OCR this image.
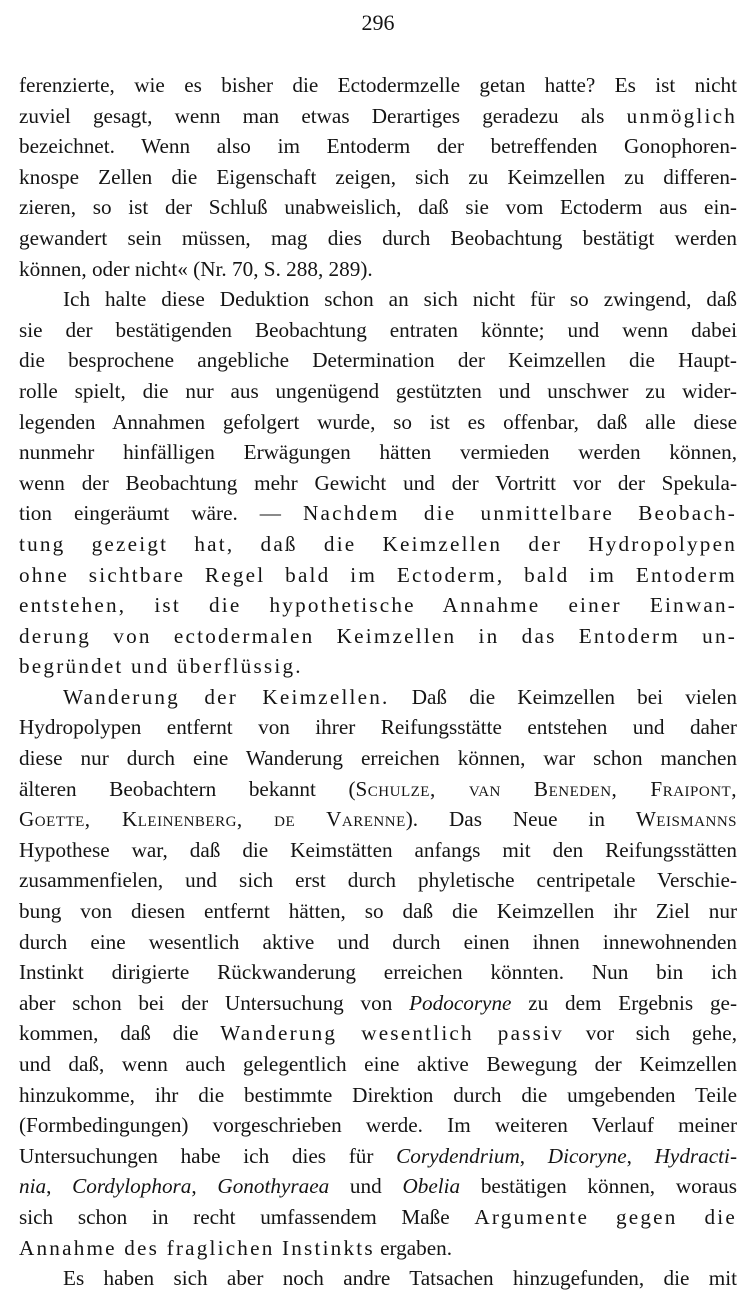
296

ferenzierte, wie es bisher die Ectodermzelle getan hatte? Es ist nicht
zuviel gesagt, wenn man etwas Derartiges geradezu als unmöglich
bezeichnet. Wenn also im Entoderm der betreffenden Gonophoren-
knospe Zellen die Eigenschaft zeigen, sich zu Keimzellen zu differen-
zieren, so ist der Schluß unabweislich, daß sie vom Ectoderm aus ein-
gewandert sein müssen, mag dies durch Beobachtung bestätigt werden
können, oder nicht« (Nr. 70, S. 288, 289).

Ich halte diese Deduktion schon an sich nicht für so zwingend, daß
sie der bestätigenden Beobachtung entraten könnte; und wenn dabei
die besprochene angebliche Determination der Keimzellen die Haupt-
rolle spielt, die nur aus ungenügend gestützten und unschwer zu wider-
legenden Annahmen gefolgert wurde, so ist es offenbar, daß alle diese
nunmehr hinfälligen Erwägungen hätten vermieden werden können,
wenn der Beobachtung mehr Gewicht und der Vortritt vor der Spekula-
tion eingeräumt wäre. — Nachdem die unmittelbare Beobach-
tung gezeigt hat, daß die Keimzellen der Hydropolypen
ohne sichtbare Regel bald im Ectoderm, bald im Entoderm
entstehen, ist die hypothetische Annahme einer Einwan-
derung von ectodermalen Keimzellen in das Entoderm un-
begründet und überflüssig.

Wanderung der Keimzellen. Daß die Keimzellen bei vielen
Hydropolypen entfernt von ihrer Reifungsstätte entstehen und daher
diese nur durch eine Wanderung erreichen können, war schon manchen
älteren Beobachtern bekannt (Schulze, van Beneden, Fraipont,
Goette, Kleinenberg, de Varenne). Das Neue in Weismanns
Hypothese war, daß die Keimstätten anfangs mit den Reifungsstätten
zusammenfielen, und sich erst durch phyletische centripetale Verschie-
bung von diesen entfernt hätten, so daß die Keimzellen ihr Ziel nur
durch eine wesentlich aktive und durch einen ihnen innewohnenden
Instinkt dirigierte Rückwanderung erreichen könnten. Nun bin ich
aber schon bei der Untersuchung von Podocoryne zu dem Ergebnis ge-
kommen, daß die Wanderung wesentlich passiv vor sich gehe,
und daß, wenn auch gelegentlich eine aktive Bewegung der Keimzellen
hinzukomme, ihr die bestimmte Direktion durch die umgebenden Teile
(Formbedingungen) vorgeschrieben werde. Im weiteren Verlauf meiner
Untersuchungen habe ich dies für Corydendrium, Dicoryne, Hydracti-
nia, Cordylophora, Gonothyraea und Obelia bestätigen können, woraus
sich schon in recht umfassendem Maße Argumente gegen die
Annahme des fraglichen Instinkts ergaben.

Es haben sich aber noch andre Tatsachen hinzugefunden, die mit
